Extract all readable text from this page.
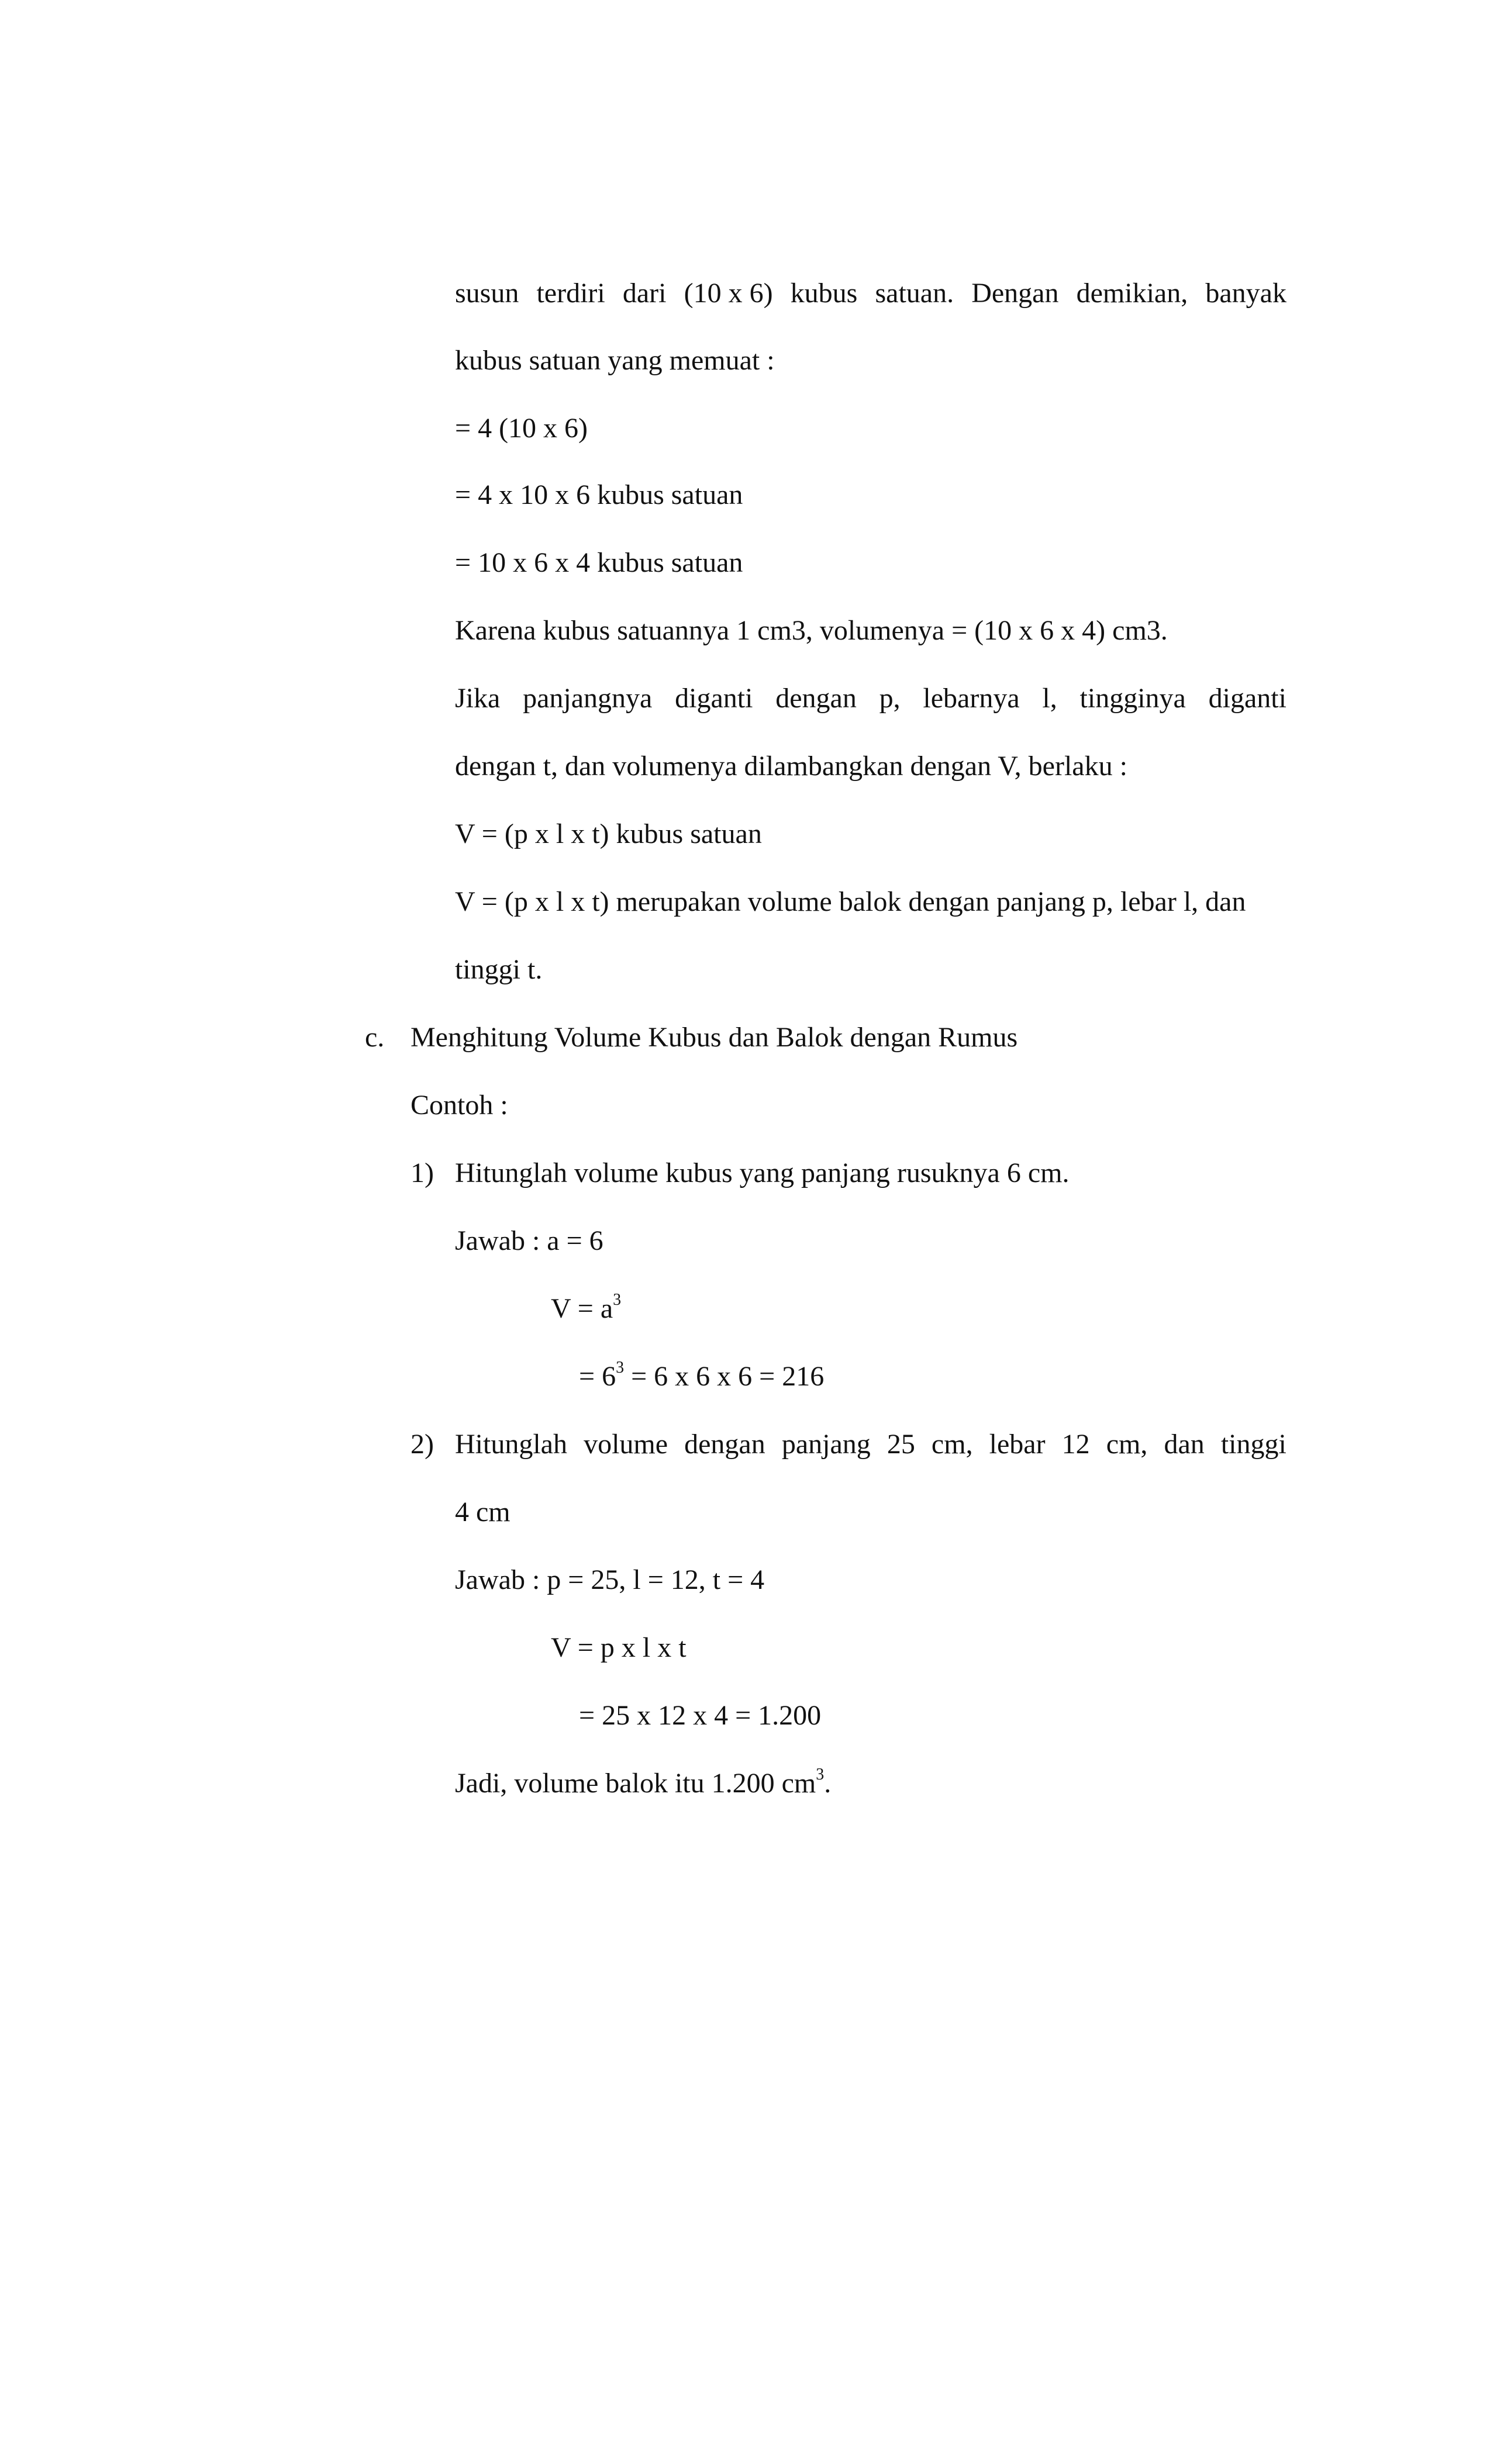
susun terdiri dari (10 x 6) kubus satuan. Dengan demikian, banyak
kubus satuan yang memuat :
= 4 (10 x 6)
= 4 x 10 x 6 kubus satuan
= 10 x 6 x 4 kubus satuan
Karena kubus satuannya 1 cm3, volumenya = (10 x 6 x 4) cm3.
Jika panjangnya diganti dengan p, lebarnya l, tingginya diganti
dengan t, dan volumenya dilambangkan dengan V, berlaku :
V = (p x l x t) kubus satuan
V = (p x l x t) merupakan volume balok dengan panjang p, lebar l, dan
tinggi t.
c. Menghitung Volume Kubus dan Balok dengan Rumus
Contoh :
1) Hitunglah volume kubus yang panjang rusuknya 6 cm.
Jawab : a = 6
$V = a^3$
= $6^3 = 6$ x 6 x 6 = 216
2) Hitunglah volume dengan panjang 25 cm, lebar 12 cm, dan tinggi
4 cm
Jawab : p = 25, l = 12, t = 4
V = p x l x t
= 25 x 12 x 4 = 1.200
Jadi, volume balok itu 1.200 $cm^3$.
